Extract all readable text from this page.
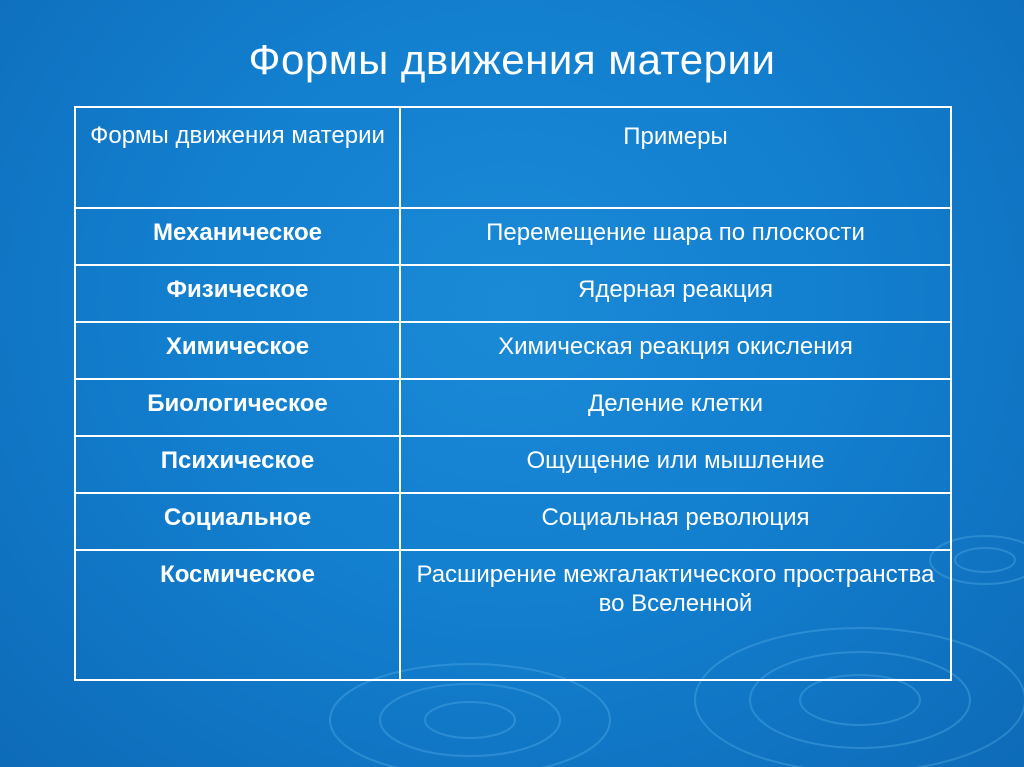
Формы движения материи
Формы движения материи	Примеры
Механическое	Перемещение шара по плоскости
Физическое	Ядерная реакция
Химическое	Химическая реакция окисления
Биологическое	Деление клетки
Психическое	Ощущение или мышление
Социальное	Социальная революция
Космическое	Расширение межгалактического пространства во Вселенной
